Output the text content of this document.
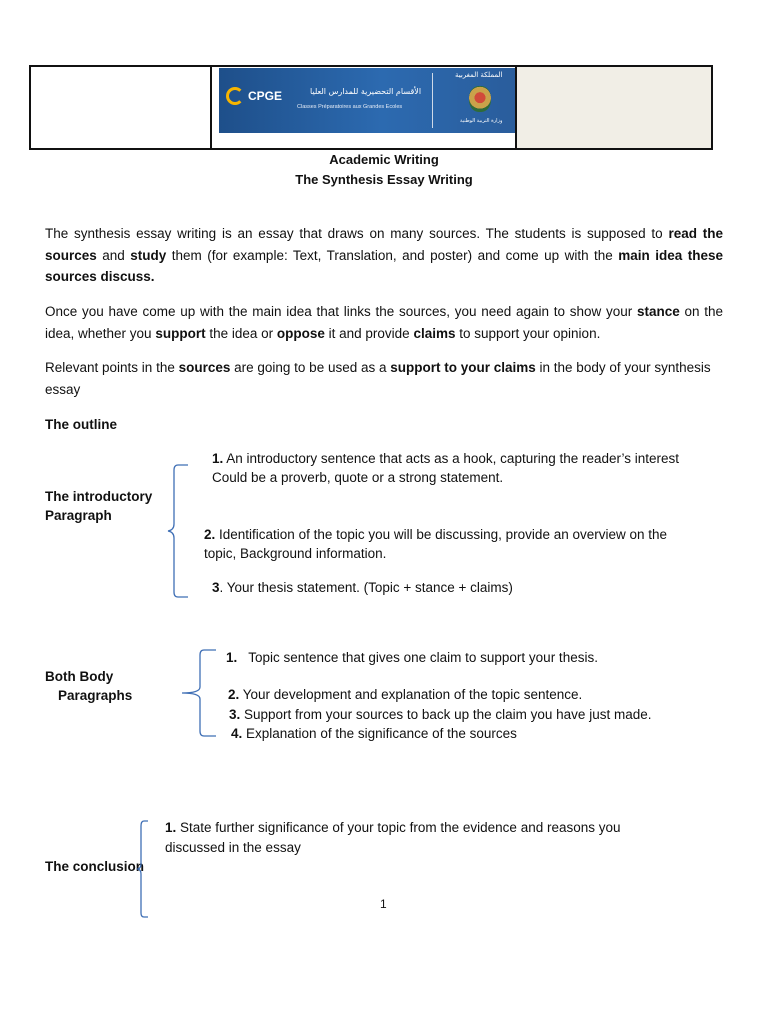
CPGE	الأقسام التحضيرية للمدارس العليا
Classes Préparatoires aux Grandes Ecoles
المملكة المغربية
وزارة التربية الوطنية
Academic Writing
The Synthesis Essay Writing
The synthesis essay writing is an essay that draws on many sources. The students is supposed to read the sources and study them (for example: Text, Translation, and poster) and come up with the main idea these sources discuss.
Once you have come up with the main idea that links the sources, you need again to show your stance on the idea, whether you support the idea or oppose it and provide claims to support your opinion.
Relevant points in the sources are going to be used as a support to your claims in the body of your synthesis essay
The outline
The introductory
Paragraph
1. An introductory sentence that acts as a hook, capturing the reader’s interest
Could be a proverb, quote or a strong statement.
2. Identification of the topic you will be discussing, provide an overview on the
topic, Background information.
3. Your thesis statement. (Topic + stance + claims)
Both Body
Paragraphs
1. Topic sentence that gives one claim to support your thesis.
2. Your development and explanation of the topic sentence.
3. Support from your sources to back up the claim you have just made.
4. Explanation of the significance of the sources
The conclusion
1. State further significance of your topic from the evidence and reasons you
discussed in the essay
1
